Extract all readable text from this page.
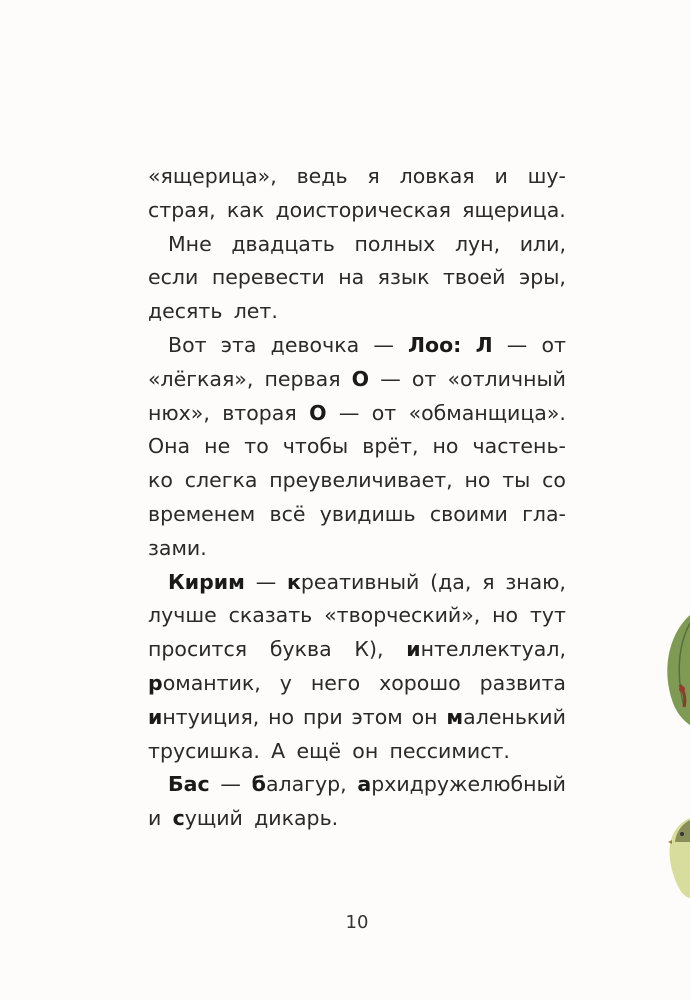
«ящерица», ведь я ловкая и шу-
страя, как доисторическая ящерица.
Мне двадцать полных лун, или,
если перевести на язык твоей эры,
десять лет.
Вот эта девочка — Лоо: Л — от
«лёгкая», первая О — от «отличный
нюх», вторая О — от «обманщица».
Она не то чтобы врёт, но частень-
ко слегка преувеличивает, но ты со
временем всё увидишь своими гла-
зами.
Кирим — креативный (да, я знаю,
лучше сказать «творческий», но тут
просится буква К), интеллектуал,
романтик, у него хорошо развита
интуиция, но при этом он маленький
трусишка. А ещё он пессимист.
Бас — балагур, архидружелюбный
и сущий дикарь.
10
